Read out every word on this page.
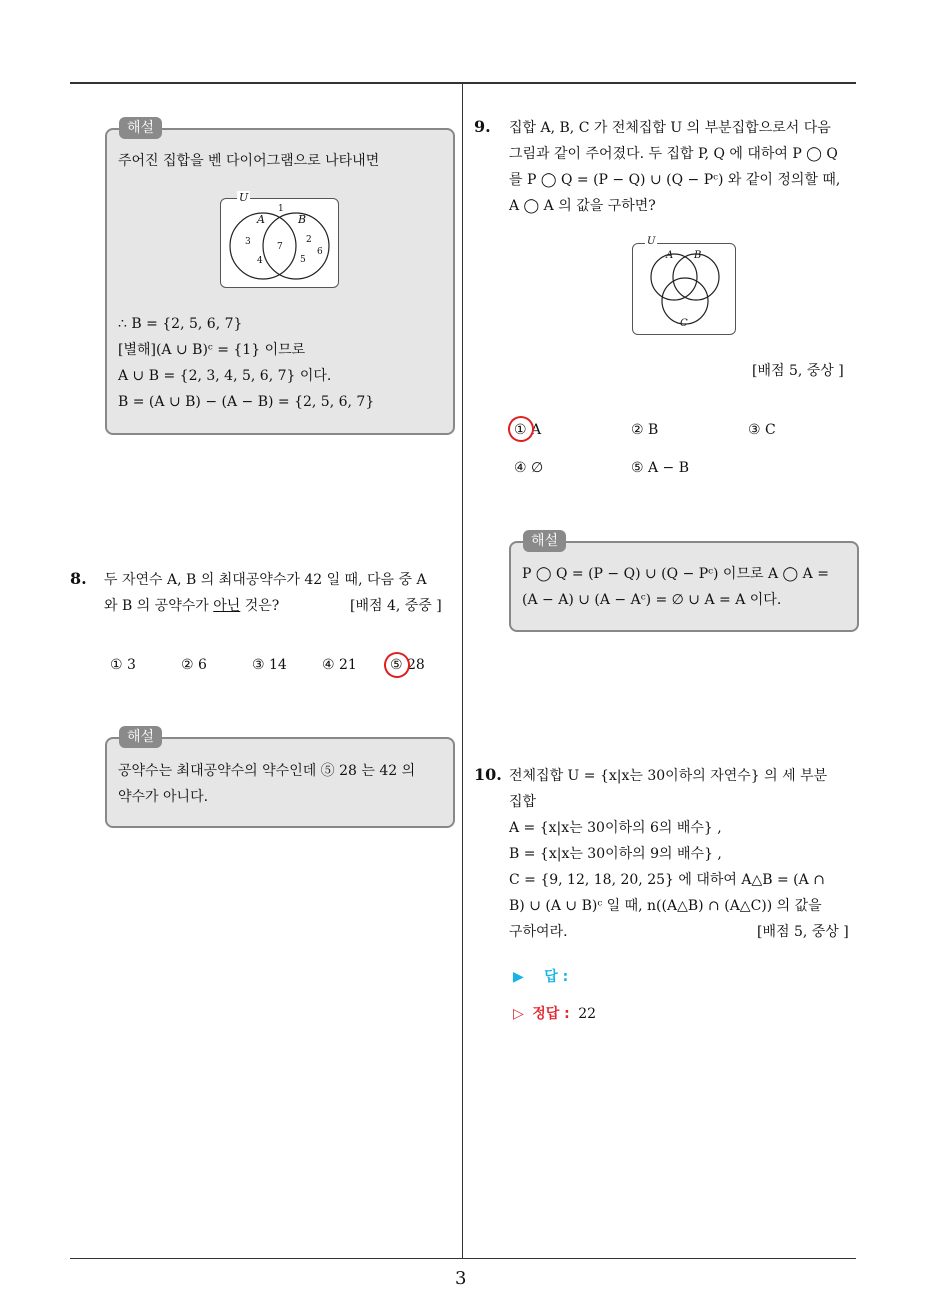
3
해설
주어진 집합을 벤 다이어그램으로 나타내면
U
A	B
1
3
4
7
2
5
6
∴ B = {2, 5, 6, 7}
[별해](A ∪ B)ᶜ = {1} 이므로
A ∪ B = {2, 3, 4, 5, 6, 7} 이다.
B = (A ∪ B) − (A − B) = {2, 5, 6, 7}
8. 두 자연수 A, B 의 최대공약수가 42 일 때, 다음 중 A
와 B 의 공약수가 아닌 것은?	[배점 4, 중중 ]
① 3	② 6	③ 14	④ 21 ⑤ 28
해설
공약수는 최대공약수의 약수인데 ⑤ 28 는 42 의
약수가 아니다.
9. 집합 A, B, C 가 전체집합 U 의 부분집합으로서 다음
그림과 같이 주어졌다. 두 집합 P, Q 에 대하여 P ◯ Q
를 P ◯ Q = (P − Q) ∪ (Q − Pᶜ) 와 같이 정의할 때,
A ◯ A 의 값을 구하면?
U
A B
C
[배점 5, 중상 ]
① A	② B	③ C
④ ∅	⑤ A − B
해설
P ◯ Q = (P − Q) ∪ (Q − Pᶜ) 이므로 A ◯ A =
(A − A) ∪ (A − Aᶜ) = ∅ ∪ A = A 이다.
10. 전체집합 U = {x|x는 30이하의 자연수} 의 세 부분
집합
A = {x|x는 30이하의 6의 배수} ,
B = {x|x는 30이하의 9의 배수} ,
C = {9, 12, 18, 20, 25} 에 대하여 A△B = (A ∩
B) ∪ (A ∪ B)ᶜ 일 때, n((A△B) ∩ (A△C)) 의 값을
구하여라.	[배점 5, 중상 ]
▶ 답 :
▷ 정답 : 22
